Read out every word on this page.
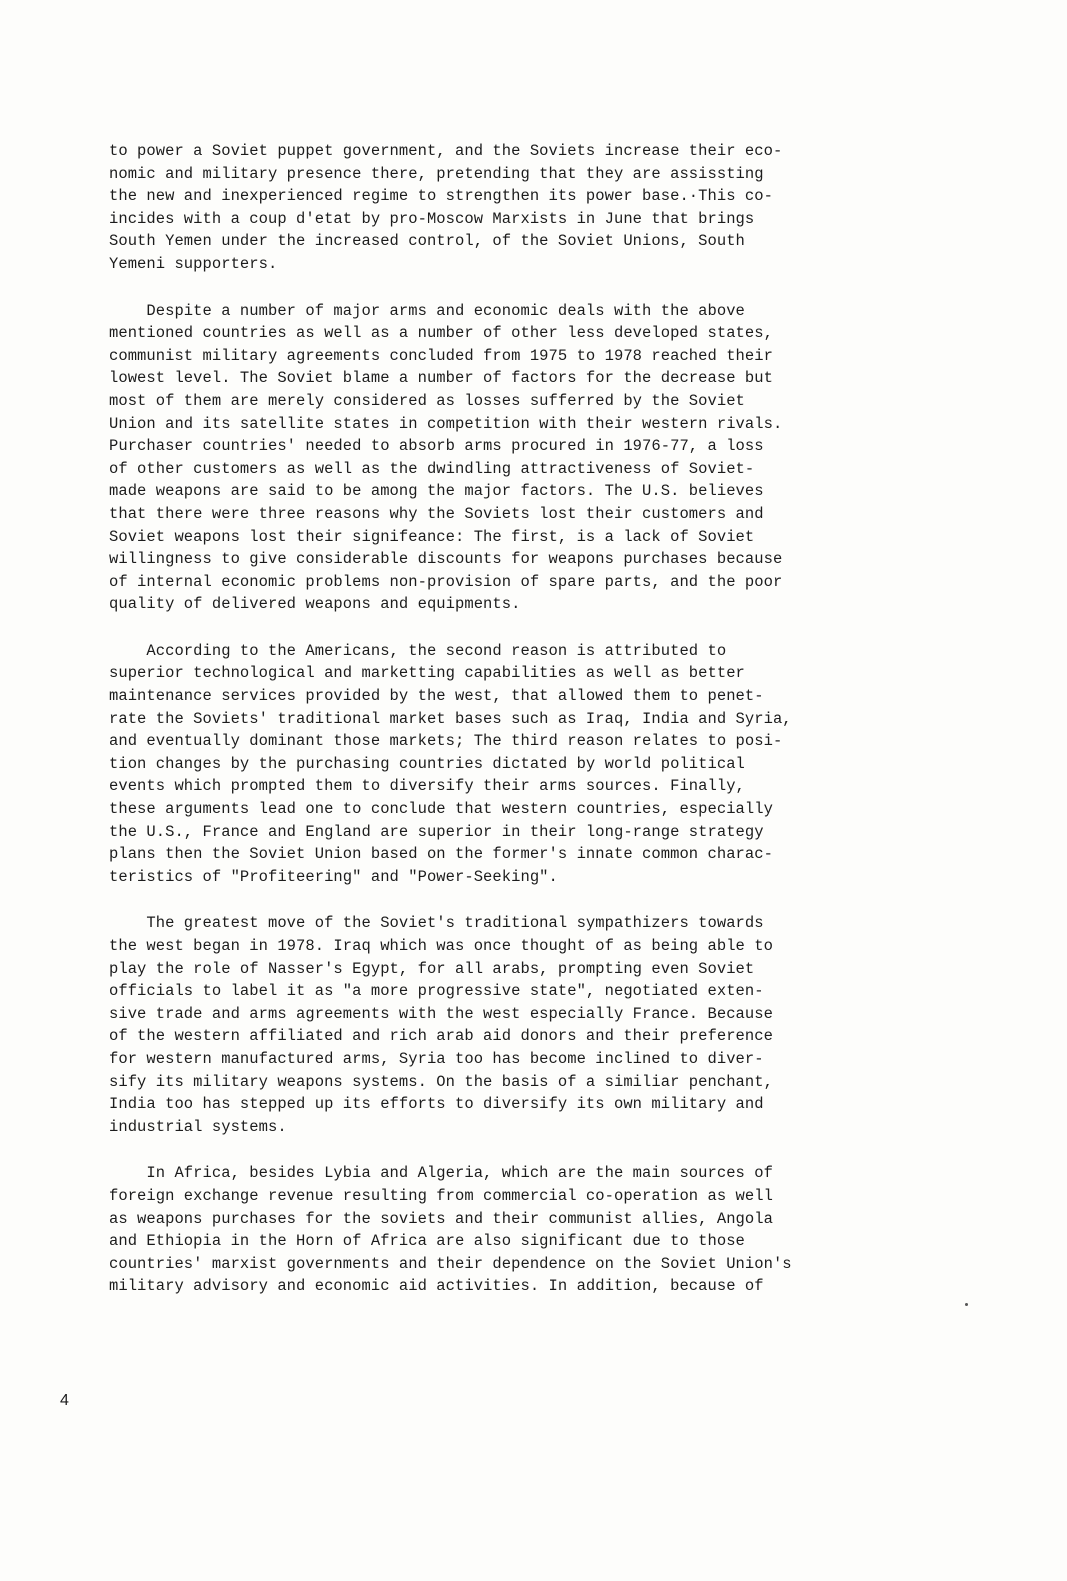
to power a Soviet puppet government, and the Soviets increase their eco-
nomic and military presence there, pretending that they are assissting
the new and inexperienced regime to strengthen its power base.·This co-
incides with a coup d'etat by pro-Moscow Marxists in June that brings
South Yemen under the increased control, of the Soviet Unions, South
Yemeni supporters.
Despite a number of major arms and economic deals with the above
mentioned countries as well as a number of other less developed states,
communist military agreements concluded from 1975 to 1978 reached their
lowest level. The Soviet blame a number of factors for the decrease but
most of them are merely considered as losses sufferred by the Soviet
Union and its satellite states in competition with their western rivals.
Purchaser countries' needed to absorb arms procured in 1976-77, a loss
of other customers as well as the dwindling attractiveness of Soviet-
made weapons are said to be among the major factors. The U.S. believes
that there were three reasons why the Soviets lost their customers and
Soviet weapons lost their signifeance: The first, is a lack of Soviet
willingness to give considerable discounts for weapons purchases because
of internal economic problems non-provision of spare parts, and the poor
quality of delivered weapons and equipments.
According to the Americans, the second reason is attributed to
superior technological and marketting capabilities as well as better
maintenance services provided by the west, that allowed them to penet-
rate the Soviets' traditional market bases such as Iraq, India and Syria,
and eventually dominant those markets; The third reason relates to posi-
tion changes by the purchasing countries dictated by world political
events which prompted them to diversify their arms sources. Finally,
these arguments lead one to conclude that western countries, especially
the U.S., France and England are superior in their long-range strategy
plans then the Soviet Union based on the former's innate common charac-
teristics of "Profiteering" and "Power-Seeking".
The greatest move of the Soviet's traditional sympathizers towards
the west began in 1978. Iraq which was once thought of as being able to
play the role of Nasser's Egypt, for all arabs, prompting even Soviet
officials to label it as "a more progressive state", negotiated exten-
sive trade and arms agreements with the west especially France. Because
of the western affiliated and rich arab aid donors and their preference
for western manufactured arms, Syria too has become inclined to diver-
sify its military weapons systems. On the basis of a similiar penchant,
India too has stepped up its efforts to diversify its own military and
industrial systems.
In Africa, besides Lybia and Algeria, which are the main sources of
foreign exchange revenue resulting from commercial co-operation as well
as weapons purchases for the soviets and their communist allies, Angola
and Ethiopia in the Horn of Africa are also significant due to those
countries' marxist governments and their dependence on the Soviet Union's
military advisory and economic aid activities. In addition, because of
4
